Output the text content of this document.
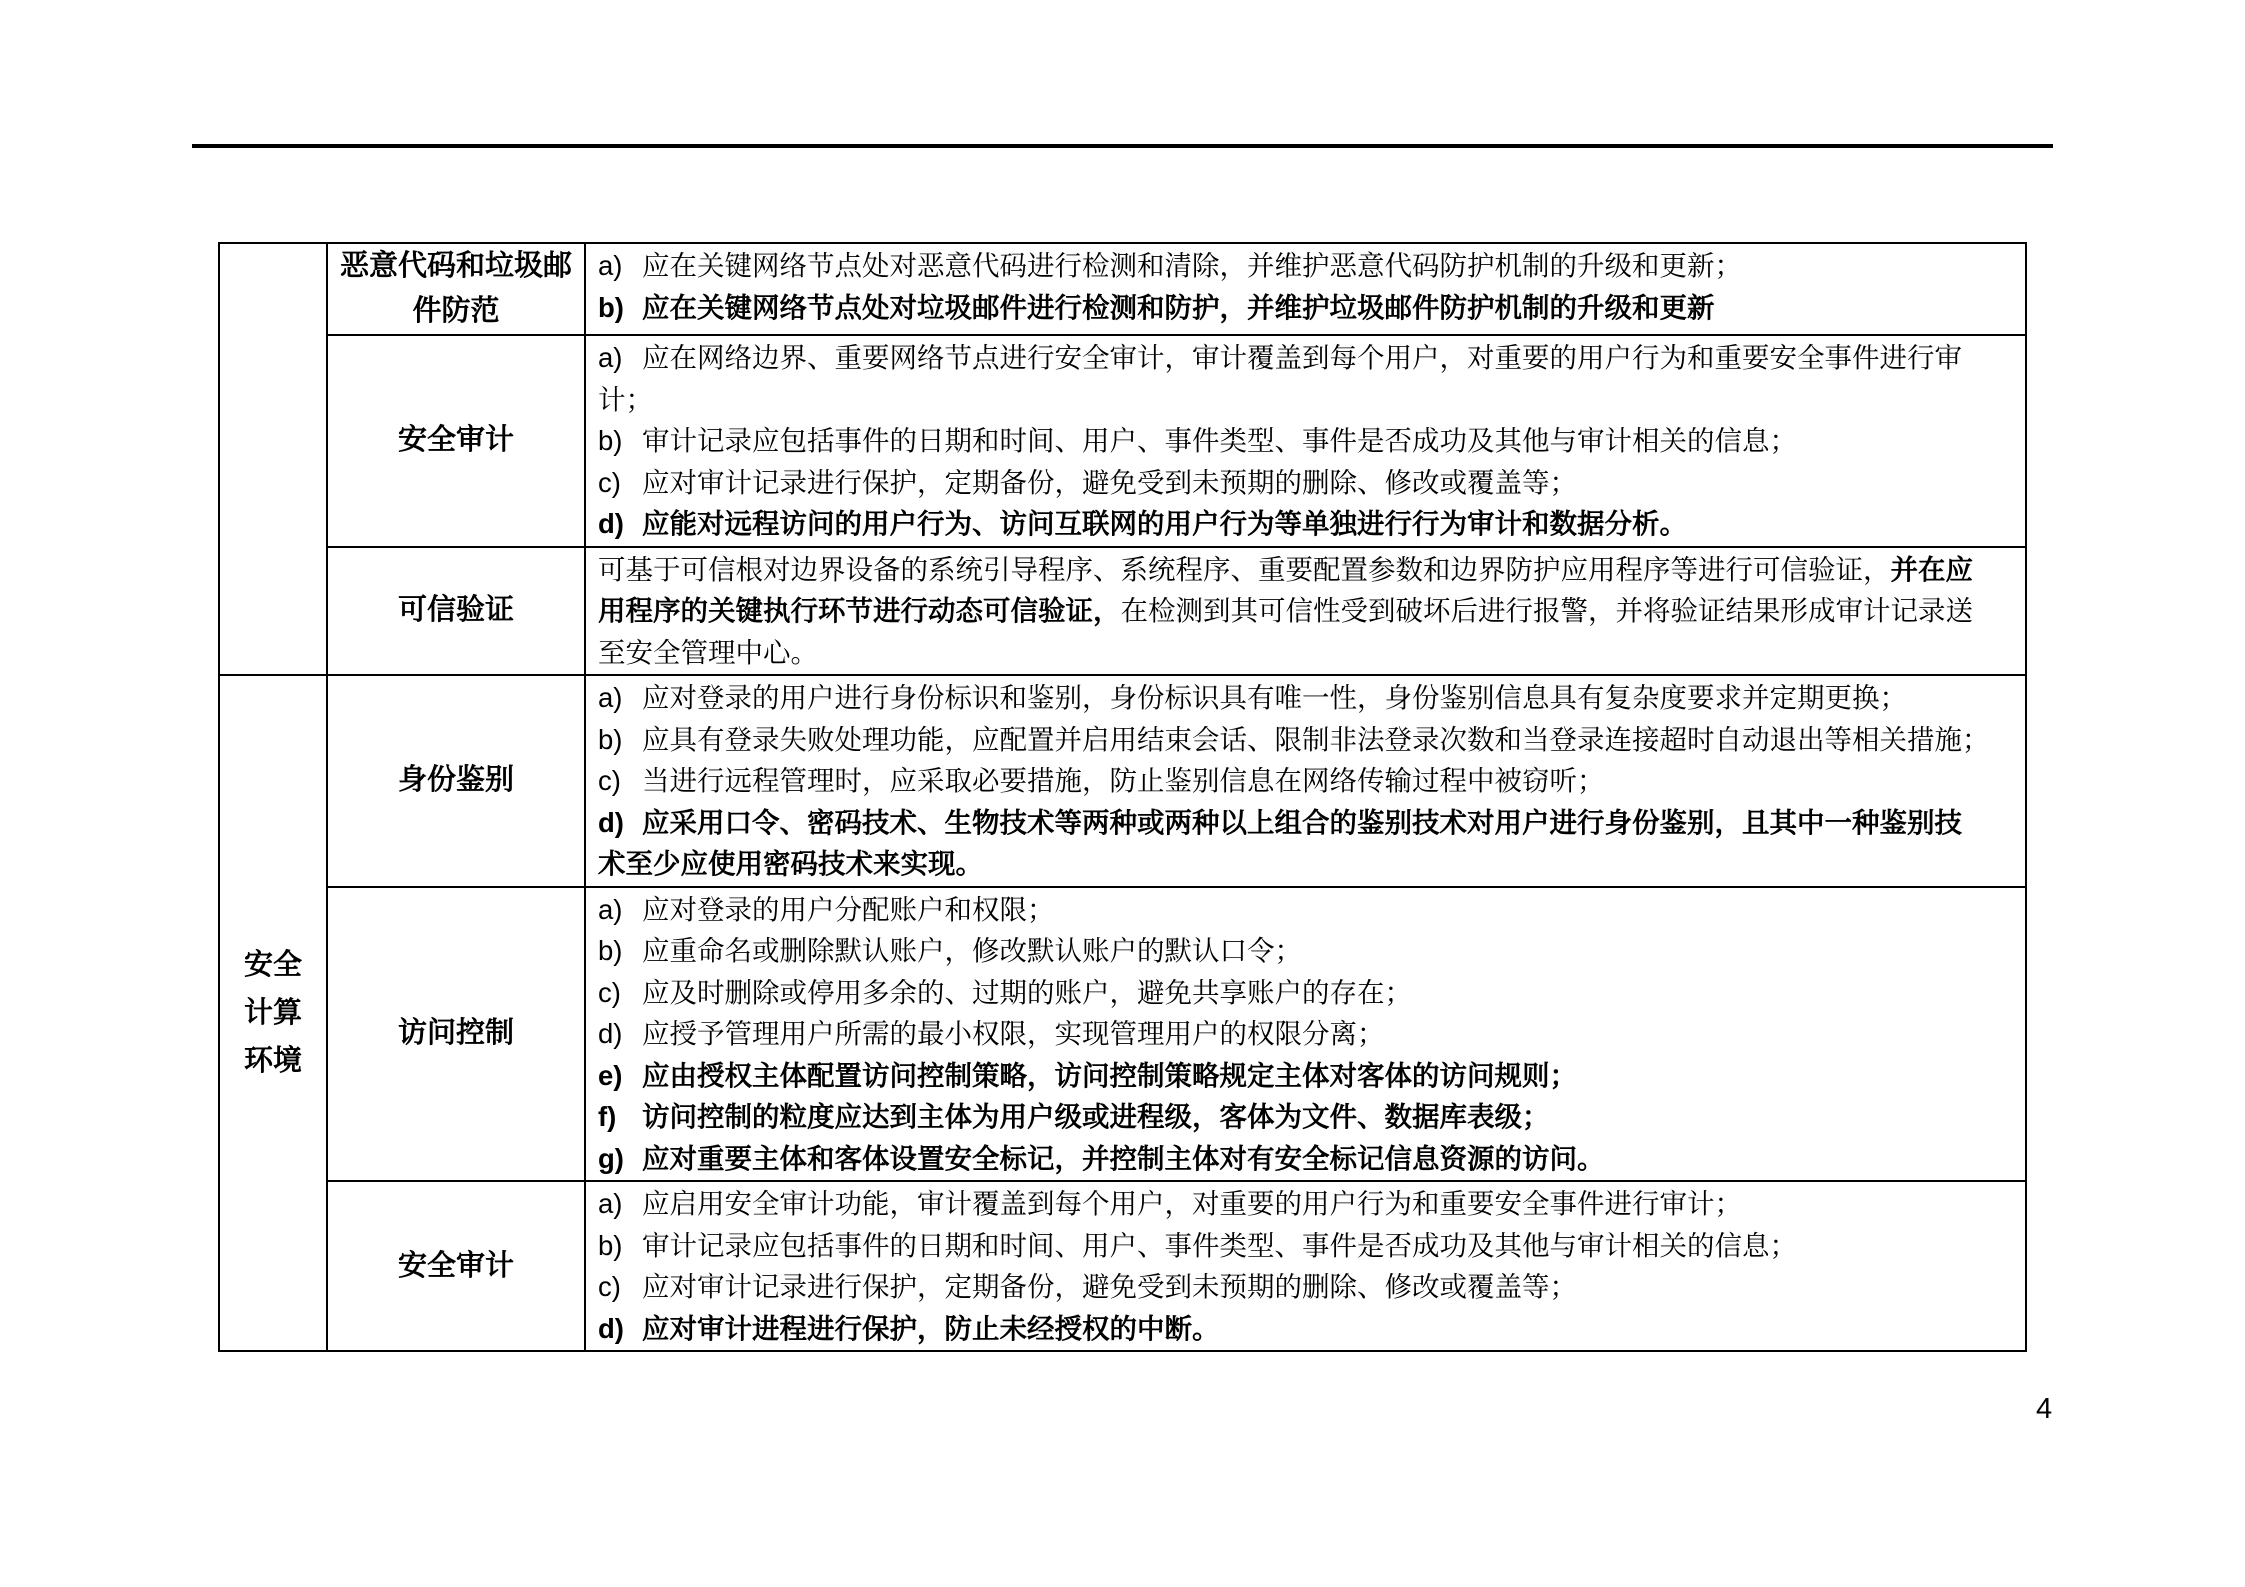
恶意代码和垃圾邮件防范
a) 应在关键网络节点处对恶意代码进行检测和清除，并维护恶意代码防护机制的升级和更新；
b) 应在关键网络节点处对垃圾邮件进行检测和防护，并维护垃圾邮件防护机制的升级和更新
安全审计
a) 应在网络边界、重要网络节点进行安全审计，审计覆盖到每个用户，对重要的用户行为和重要安全事件进行审
计；
b) 审计记录应包括事件的日期和时间、用户、事件类型、事件是否成功及其他与审计相关的信息；
c) 应对审计记录进行保护，定期备份，避免受到未预期的删除、修改或覆盖等；
d) 应能对远程访问的用户行为、访问互联网的用户行为等单独进行行为审计和数据分析。
可信验证
可基于可信根对边界设备的系统引导程序、系统程序、重要配置参数和边界防护应用程序等进行可信验证，并在应
用程序的关键执行环节进行动态可信验证，在检测到其可信性受到破坏后进行报警，并将验证结果形成审计记录送
至安全管理中心。
安全
计算
环境
身份鉴别
a) 应对登录的用户进行身份标识和鉴别，身份标识具有唯一性，身份鉴别信息具有复杂度要求并定期更换；
b) 应具有登录失败处理功能，应配置并启用结束会话、限制非法登录次数和当登录连接超时自动退出等相关措施；
c) 当进行远程管理时，应采取必要措施，防止鉴别信息在网络传输过程中被窃听；
d) 应采用口令、密码技术、生物技术等两种或两种以上组合的鉴别技术对用户进行身份鉴别，且其中一种鉴别技
术至少应使用密码技术来实现。
访问控制
a) 应对登录的用户分配账户和权限；
b) 应重命名或删除默认账户，修改默认账户的默认口令；
c) 应及时删除或停用多余的、过期的账户，避免共享账户的存在；
d) 应授予管理用户所需的最小权限，实现管理用户的权限分离；
e) 应由授权主体配置访问控制策略，访问控制策略规定主体对客体的访问规则；
f) 访问控制的粒度应达到主体为用户级或进程级，客体为文件、数据库表级；
g) 应对重要主体和客体设置安全标记，并控制主体对有安全标记信息资源的访问。
安全审计
a) 应启用安全审计功能，审计覆盖到每个用户，对重要的用户行为和重要安全事件进行审计；
b) 审计记录应包括事件的日期和时间、用户、事件类型、事件是否成功及其他与审计相关的信息；
c) 应对审计记录进行保护，定期备份，避免受到未预期的删除、修改或覆盖等；
d) 应对审计进程进行保护，防止未经授权的中断。
4
